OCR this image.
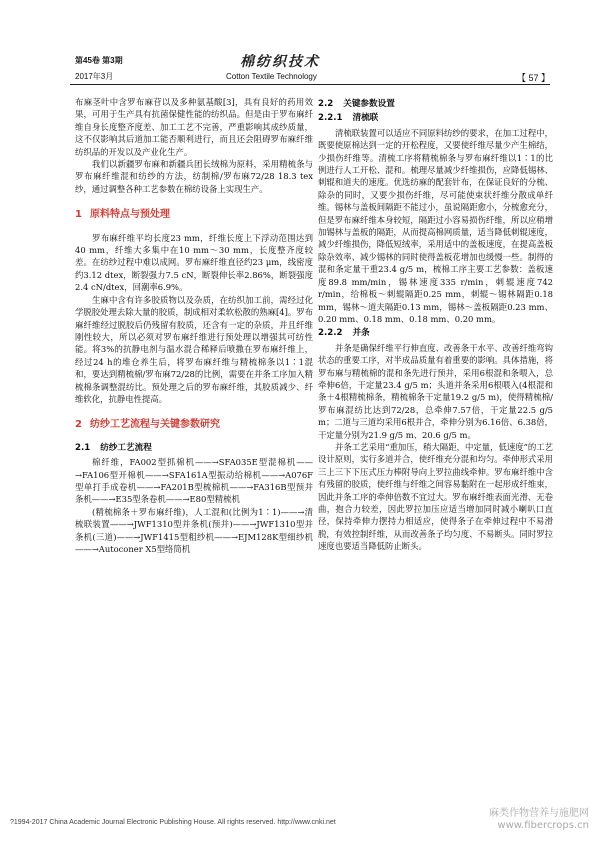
第45卷 第3期
2017年3月
棉纺织技术
Cotton Textile Technology	【 57 】

布麻茎叶中含罗布麻苷以及多种氨基酸[3]，具有良好的药用效果，可用于生产具有抗菌保健性能的纺织品。但是由于罗布麻纤维自身长度整齐度差、加工工艺不完善，严重影响其成纱质量，这不仅影响其后道加工能否顺利进行，而且还会阻碍罗布麻纤维纺织品的开发以及产业化生产。

我们以新疆罗布麻和新疆兵团长绒棉为原料，采用精梳条与罗布麻纤维混和纺纱的方法，纺制棉/罗布麻72/28 18.3 tex纱，通过调整各种工艺参数在棉纺设备上实现生产。

1 原料特点与预处理

罗布麻纤维平均长度23 mm，纤维长度上下浮动范围达到40 mm，纤维大多集中在10 mm～30 mm，长度整齐度较差。在纺纱过程中难以成网。罗布麻纤维直径约23 μm，线密度约3.12 dtex，断裂强力7.5 cN，断裂伸长率2.86%，断裂强度2.4 cN/dtex，回潮率6.9%。

生麻中含有许多胶质物以及杂质，在纺织加工前，需经过化学脱胶处理去除大量的胶质，制成相对柔软松散的熟麻[4]。罗布麻纤维经过脱胶后仍残留有胶质，还含有一定的杂质，并且纤维刚性较大，所以必须对罗布麻纤维进行预处理以增强其可纺性能。将3%的抗静电剂与温水混合稀释后喷撒在罗布麻纤维上，经过24 h的堆仓养生后，将罗布麻纤维与精梳棉条以1∶1混和，要达到精梳棉/罗布麻72/28的比例，需要在并条工序加入精梳棉条调整混纺比。预处理之后的罗布麻纤维，其胶质减少、纤维软化，抗静电性提高。

2 纺纱工艺流程与关键参数研究
2.1 纺纱工艺流程

棉纤维，FA002型抓棉机——→SFA035E型混棉机——→FA106型开棉机——→SFA161A型振动给棉机——→A076F型单打手成卷机——→FA201B型梳棉机——→FA316B型预并条机——→E35型条卷机——→E80型精梳机

(精梳棉条＋罗布麻纤维)，人工混和(比例为1∶1)——→清梳联装置——→JWF1310型并条机(预并)——→JWF1310型并条机(三道)——→JWF1415型粗纱机——→EJM128K型细纱机——→Autoconer X5型络筒机

2.2 关键参数设置
2.2.1 清梳联

清梳联装置可以适应不同原料纺纱的要求，在加工过程中，既要使原棉达到一定的开松程度，又要使纤维尽量少产生棉结，少损伤纤维等。清梳工序将精梳棉条与罗布麻纤维以1∶1的比例进行人工开松、混和。梳理尽量减少纤维损伤，应降低锡林、刺辊和道夫的速度。优选纺麻的配套针布，在保证良好的分梳、除杂的同时，又要少损伤纤维，尽可能使束状纤维分散成单纤维。锡林与盖板间隔距不能过小，虽说隔距愈小，分梳愈充分，但是罗布麻纤维本身较短，隔距过小容易损伤纤维，所以应稍增加锡林与盖板的隔距，从而提高棉网质量，适当降低刺辊速度，减少纤维损伤，降低短绒率，采用适中的盖板速度，在提高盖板除杂效率、减少锡林的同时使得盖板花增加也缓慢一些。制得的混和条定量干重23.4 g/5 m，梳棉工序主要工艺参数：盖板速度89.8 mm/min，锡林速度335 r/min，刺辊速度742 r/min，给棉板～刺辊隔距0.25 mm，刺辊～锡林隔距0.18 mm，锡林～道夫隔距0.13 mm，锡林～盖板隔距0.23 mm、0.20 mm、0.18 mm、0.18 mm、0.20 mm。

2.2.2 并条

并条是确保纤维平行伸直度、改善条干水平、改善纤维弯钩状态的重要工序，对半成品质量有着重要的影响。具体措施，将罗布麻与精梳棉的混和条先进行预并，采用6根混和条喂入，总牵伸6倍，干定量23.4 g/5 m；头道并条采用6根喂入(4根混和条＋4根精梳棉条，精梳棉条干定量19.2 g/5 m)，使得精梳棉/罗布麻混纺比达到72/28，总牵伸7.57倍，干定量22.5 g/5 m；二道与三道均采用6根并合，牵伸分别为6.16倍、6.38倍，干定量分别为21.9 g/5 m、20.6 g/5 m。

并条工艺采用“重加压，稍大隔距，中定量，低速度”的工艺设计原则，实行多道并合，使纤维充分混和均匀。牵伸形式采用三上三下下压式压力棒附导向上罗拉曲线牵伸。罗布麻纤维中含有残留的胶质，使纤维与纤维之间容易黏附在一起形成纤维束，因此并条工序的牵伸倍数不宜过大。罗布麻纤维表面光滑、无卷曲，抱合力较差，因此罗拉加压应适当增加同时减小喇叭口直径，保持牵伸力摆持力相适应，使得条子在牵伸过程中不易滑脱，有效控制纤维，从而改善条子均匀度、不易断头。同时罗拉速度也要适当降低防止断头。

麻类作物营养与施肥网
www.fibercrops.cn
?1994-2017 China Academic Journal Electronic Publishing House. All rights reserved. http://www.cnki.net
